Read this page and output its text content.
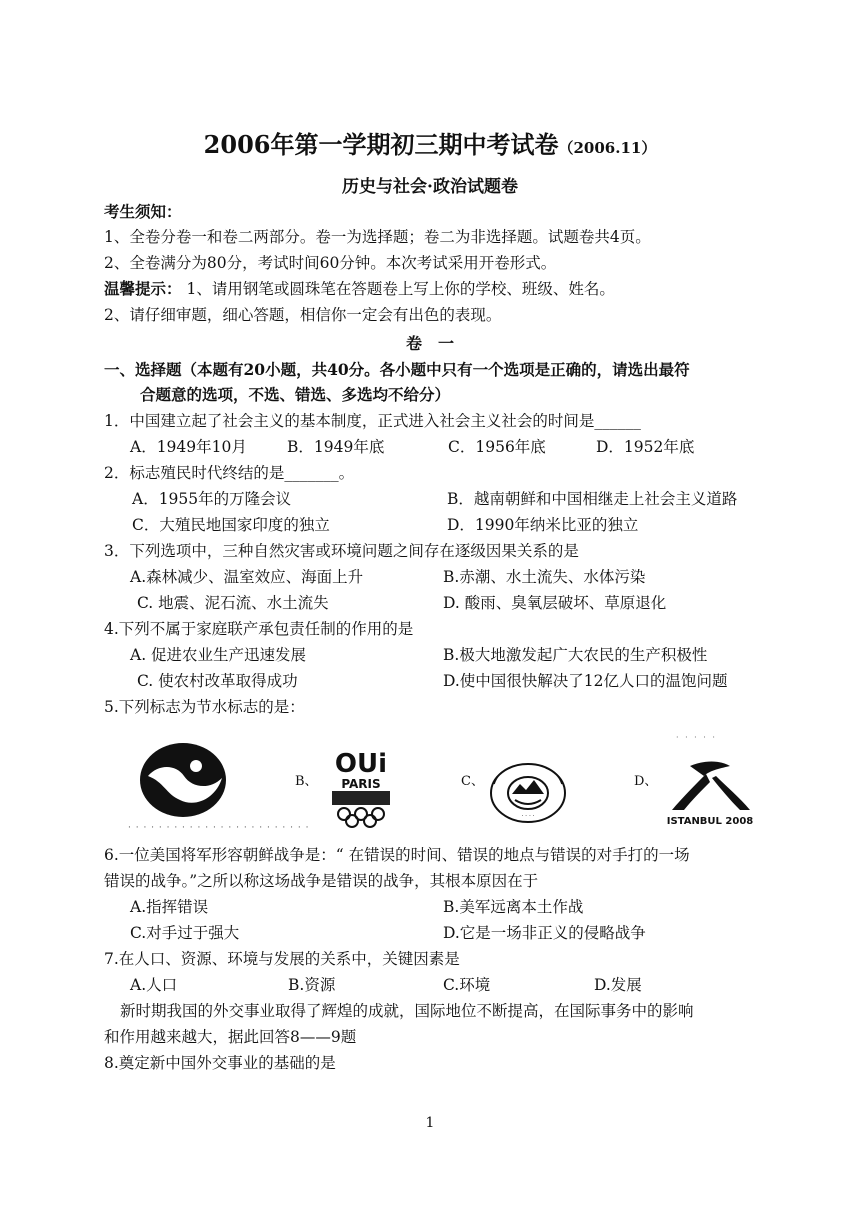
2006年第一学期初三期中考试卷（2006.11）
历史与社会·政治试题卷
考生须知：
1、全卷分卷一和卷二两部分。卷一为选择题；卷二为非选择题。试题卷共4页。
2、全卷满分为80分，考试时间60分钟。本次考试采用开卷形式。
温馨提示： 1、请用钢笔或圆珠笔在答题卷上写上你的学校、班级、姓名。
2、请仔细审题，细心答题，相信你一定会有出色的表现。
卷　一
一、选择题（本题有20小题，共40分。各小题中只有一个选项是正确的，请选出最符
合题意的选项，不选、错选、多选均不给分）
1．中国建立起了社会主义的基本制度，正式进入社会主义社会的时间是______
A．1949年10月	B．1949年底	C．1956年底	D．1952年底
2．标志殖民时代终结的是_______。
A．1955年的万隆会议	B．越南朝鲜和中国相继走上社会主义道路
C．大殖民地国家印度的独立	D．1990年纳米比亚的独立
3．下列选项中，三种自然灾害或环境问题之间存在逐级因果关系的是
A.森林减少、温室效应、海面上升	B.赤潮、水土流失、水体污染
C. 地震、泥石流、水土流失	D. 酸雨、臭氧层破坏、草原退化
4.下列不属于家庭联产承包责任制的作用的是
A. 促进农业生产迅速发展	B.极大地激发起广大农民的生产积极性
C. 使农村改革取得成功	D.使中国很快解决了12亿人口的温饱问题
5.下列标志为节水标志的是：
· · · · ·
· · · · · · · · · · · · · · · · · · · · · · · ·
B、
OUi
PARIS	C、
· · · ·
D、
ISTANBUL 2008
6.一位美国将军形容朝鲜战争是：“ 在错误的时间、错误的地点与错误的对手打的一场
错误的战争。”之所以称这场战争是错误的战争，其根本原因在于
A.指挥错误	B.美军远离本土作战
C.对手过于强大	D.它是一场非正义的侵略战争
7.在人口、资源、环境与发展的关系中，关键因素是
A.人口	B.资源	C.环境	D.发展
新时期我国的外交事业取得了辉煌的成就，国际地位不断提高，在国际事务中的影响
和作用越来越大，据此回答8——9题
8.奠定新中国外交事业的基础的是
1
